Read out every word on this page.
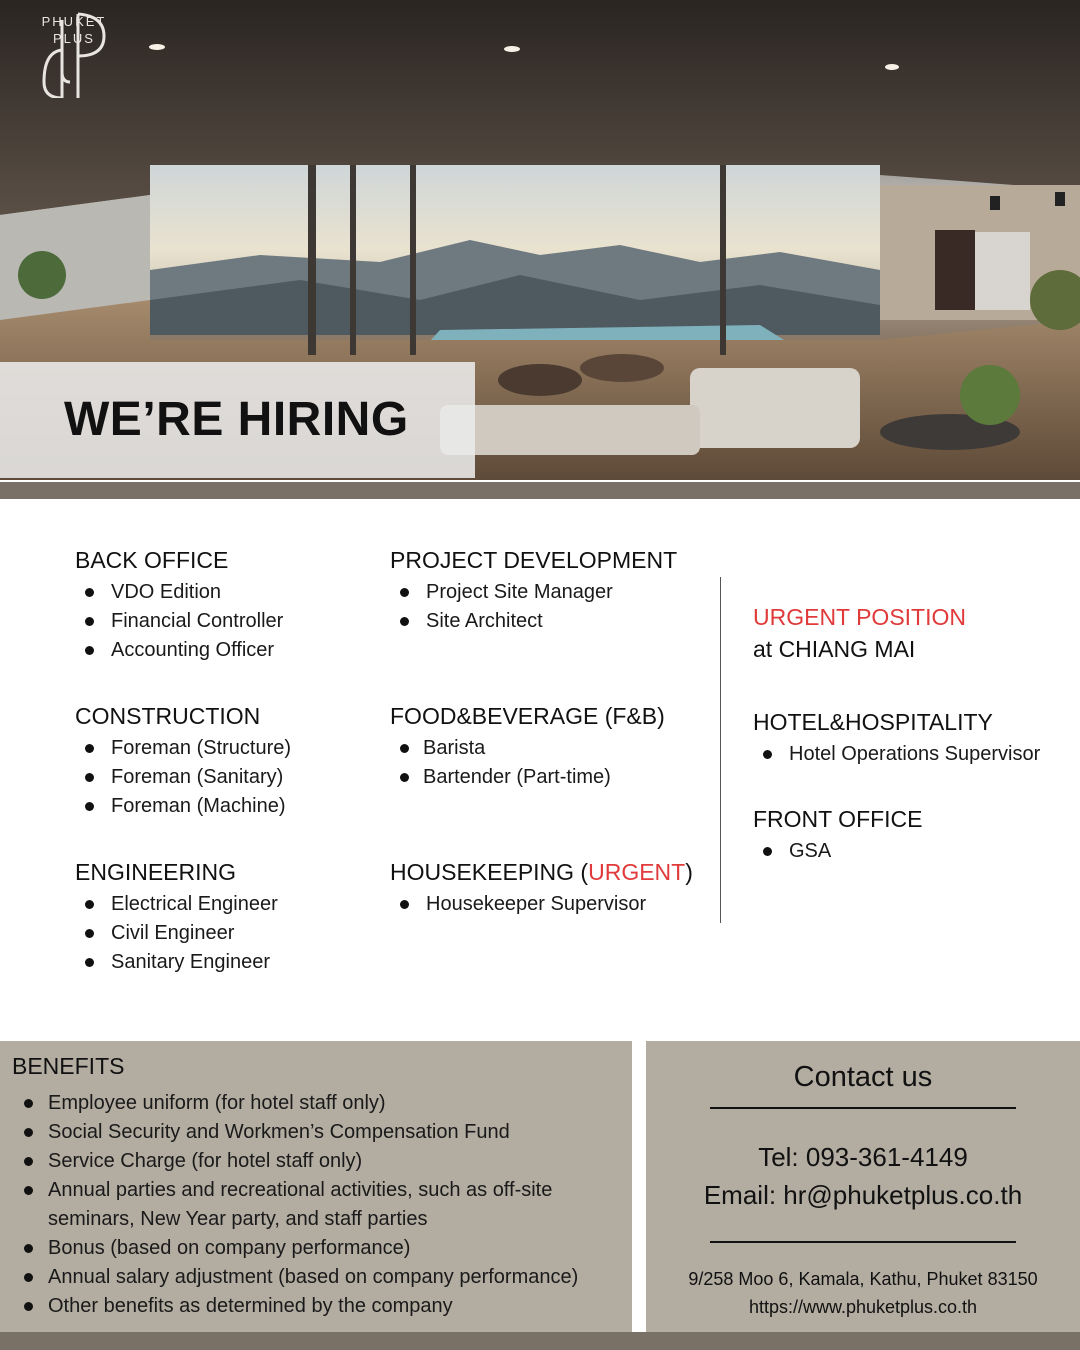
PHUKET
PLUS
WE’RE HIRING
BACK OFFICE
VDO Edition
Financial Controller
Accounting Officer
CONSTRUCTION
Foreman (Structure)
Foreman (Sanitary)
Foreman (Machine)
ENGINEERING
Electrical Engineer
Civil Engineer
Sanitary Engineer
PROJECT DEVELOPMENT
Project Site Manager
Site Architect
FOOD&BEVERAGE (F&B)
Barista
Bartender (Part-time)
HOUSEKEEPING (URGENT)
Housekeeper Supervisor
URGENT POSITION
at CHIANG MAI
HOTEL&HOSPITALITY
Hotel Operations Supervisor
FRONT OFFICE
GSA
BENEFITS
Employee uniform (for hotel staff only)
Social Security and Workmen’s Compensation Fund
Service Charge (for hotel staff only)
Annual parties and recreational activities, such as off-site seminars, New Year party, and staff parties
Bonus (based on company performance)
Annual salary adjustment (based on company performance)
Other benefits as determined by the company
Contact us
Tel: 093-361-4149
Email: hr@phuketplus.co.th
9/258 Moo 6, Kamala, Kathu, Phuket 83150
https://www.phuketplus.co.th
